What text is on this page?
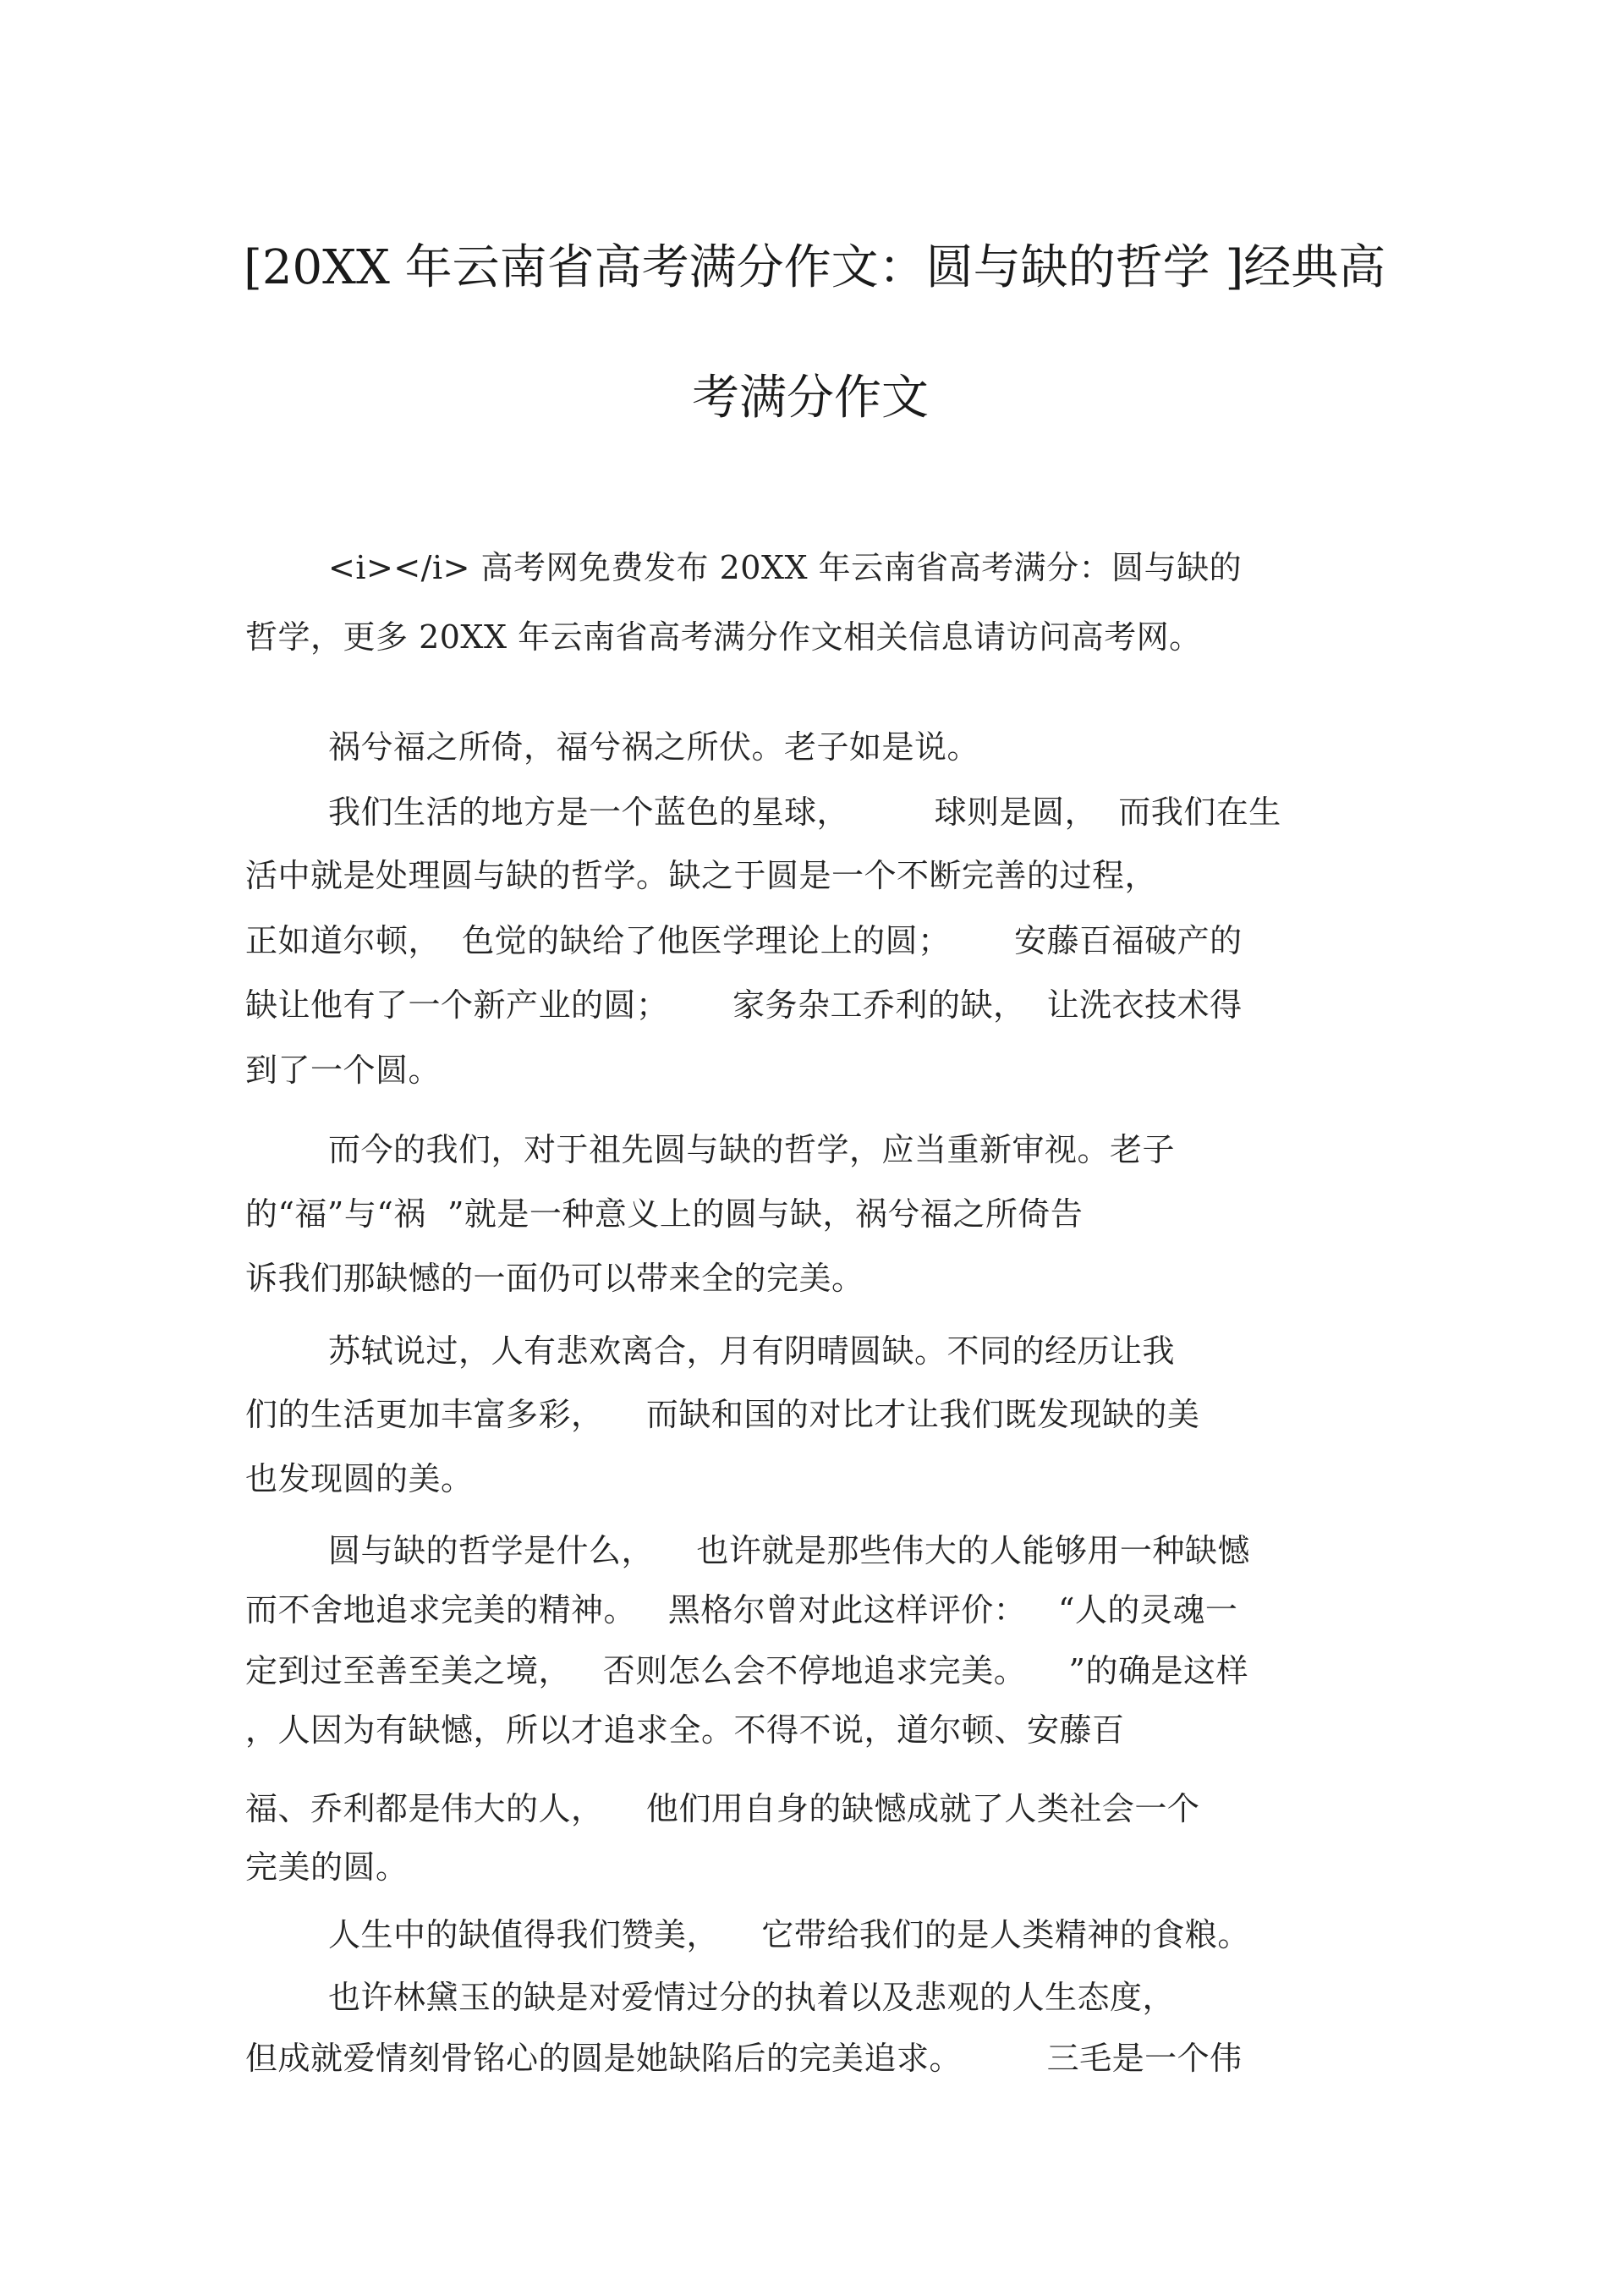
[20XX 年云南省高考满分作文：圆与缺的哲学 ]经典高
考满分作文
<i></i> 高考网免费发布 20XX 年云南省高考满分：圆与缺的
哲学，更多 20XX 年云南省高考满分作文相关信息请访问高考网。
祸兮福之所倚，福兮祸之所伏。老子如是说。
我们生活的地方是一个蓝色的星球，        球则是圆，  而我们在生
活中就是处理圆与缺的哲学。缺之于圆是一个不断完善的过程，
正如道尔顿，  色觉的缺给了他医学理论上的圆；      安藤百福破产的
缺让他有了一个新产业的圆；      家务杂工乔利的缺，  让洗衣技术得
到了一个圆。
而今的我们，对于祖先圆与缺的哲学，应当重新审视。老子
的“福”与“祸  ”就是一种意义上的圆与缺，祸兮福之所倚告
诉我们那缺憾的一面仍可以带来全的完美。
苏轼说过，人有悲欢离合，月有阴晴圆缺。不同的经历让我
们的生活更加丰富多彩，    而缺和国的对比才让我们既发现缺的美
也发现圆的美。
圆与缺的哲学是什么，    也许就是那些伟大的人能够用一种缺憾
而不舍地追求完美的精神。   黑格尔曾对此这样评价：   “人的灵魂一
定到过至善至美之境，   否则怎么会不停地追求完美。    ”的确是这样
，人因为有缺憾，所以才追求全。不得不说，道尔顿、安藤百
福、乔利都是伟大的人，    他们用自身的缺憾成就了人类社会一个
完美的圆。
人生中的缺值得我们赞美，    它带给我们的是人类精神的食粮。
也许林黛玉的缺是对爱情过分的执着以及悲观的人生态度，
但成就爱情刻骨铭心的圆是她缺陷后的完美追求。        三毛是一个伟
